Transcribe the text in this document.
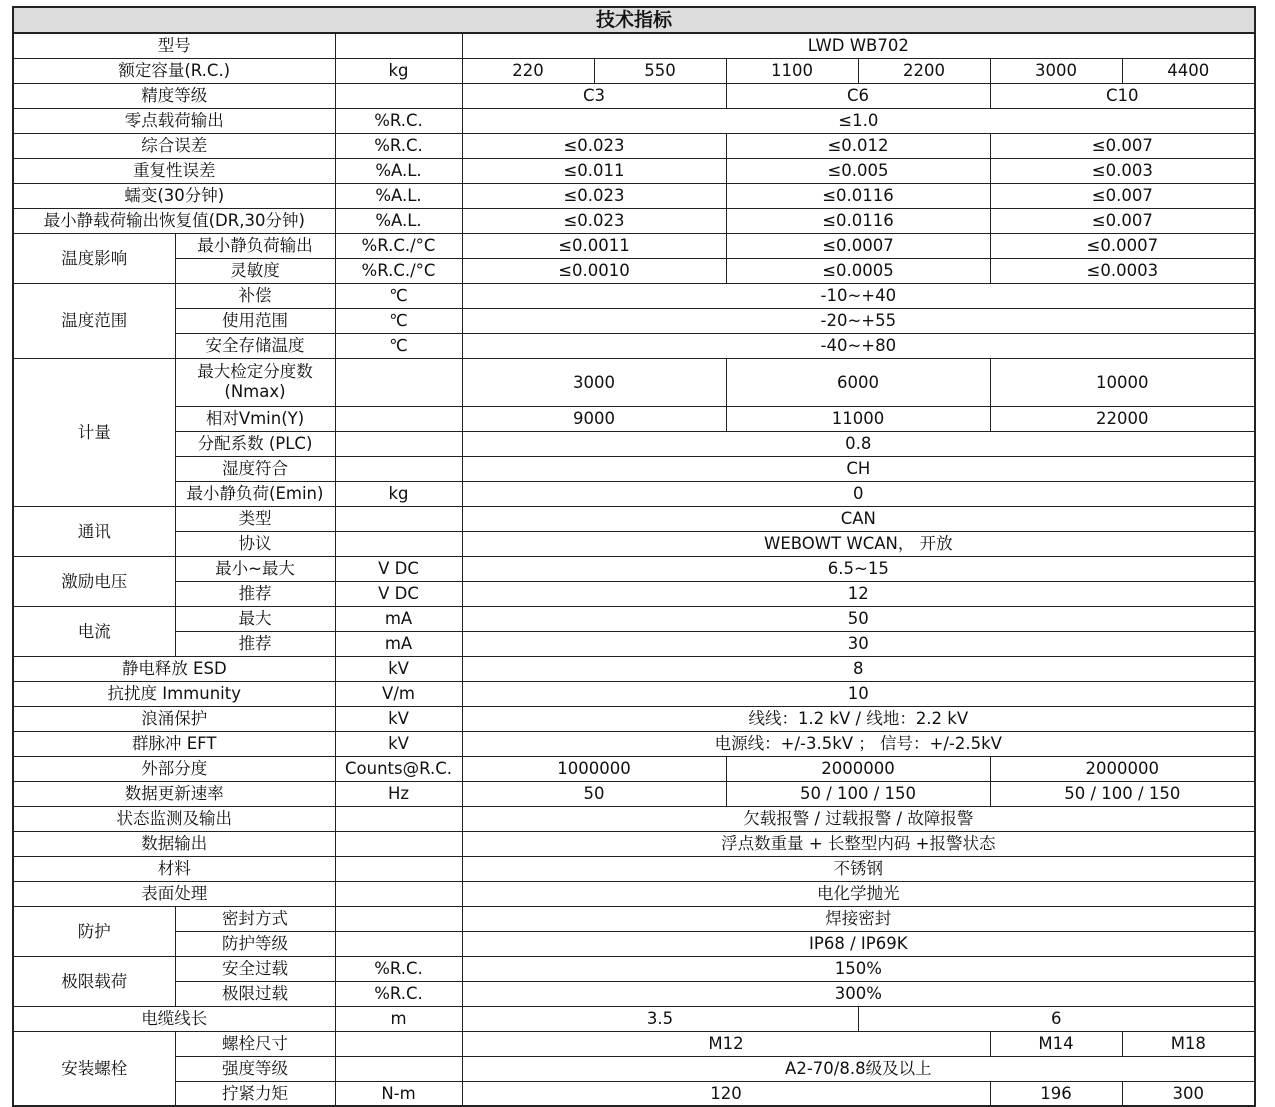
技术指标								
型号			LWD WB702					
额定容量(R.C.)		kg	220	550	1100	2200	3000	4400
精度等级			C3		C6		C10	
零点载荷输出		%R.C.	≤1.0					
综合误差		%R.C.	≤0.023		≤0.012		≤0.007	
重复性误差		%A.L.	≤0.011		≤0.005		≤0.003	
蠕变(30分钟)		%A.L.	≤0.023		≤0.0116		≤0.007	
最小静载荷输出恢复值(DR,30分钟)		%A.L.	≤0.023		≤0.0116		≤0.007	
温度影响	最小静负荷输出	%R.C./°C	≤0.0011		≤0.0007		≤0.0007	
	灵敏度	%R.C./°C	≤0.0010		≤0.0005		≤0.0003	
温度范围	补偿	℃	-10~+40					
	使用范围	℃	-20~+55					
	安全存储温度	℃	-40~+80					
计量	最大检定分度数 (Nmax)		3000		6000		10000	
	相对Vmin(Y)		9000		11000		22000	
	分配系数 (PLC)		0.8					
	湿度符合		CH					
	最小静负荷(Emin)	kg	0					
通讯	类型		CAN					
	协议		WEBOWT WCAN， 开放					
激励电压	最小~最大	V DC	6.5~15					
	推荐	V DC	12					
电流	最大	mA	50					
	推荐	mA	30					
静电释放 ESD		kV	8					
抗扰度 Immunity		V/m	10					
浪涌保护		kV	线线：1.2 kV / 线地：2.2 kV					
群脉冲 EFT		kV	电源线：+/-3.5kV ； 信号：+/-2.5kV					
外部分度		Counts@R.C.	1000000		2000000		2000000	
数据更新速率		Hz	50		50 / 100 / 150		50 / 100 / 150	
状态监测及输出			欠载报警 / 过载报警 / 故障报警					
数据输出			浮点数重量 + 长整型内码 +报警状态					
材料			不锈钢					
表面处理			电化学抛光					
防护	密封方式		焊接密封					
	防护等级		IP68 / IP69K					
极限载荷	安全过载	%R.C.	150%					
	极限过载	%R.C.	300%					
电缆线长		m	3.5			6		
安装螺栓	螺栓尺寸		M12				M14	M18
	强度等级		A2-70/8.8级及以上					
	拧紧力矩	N-m	120				196	300
